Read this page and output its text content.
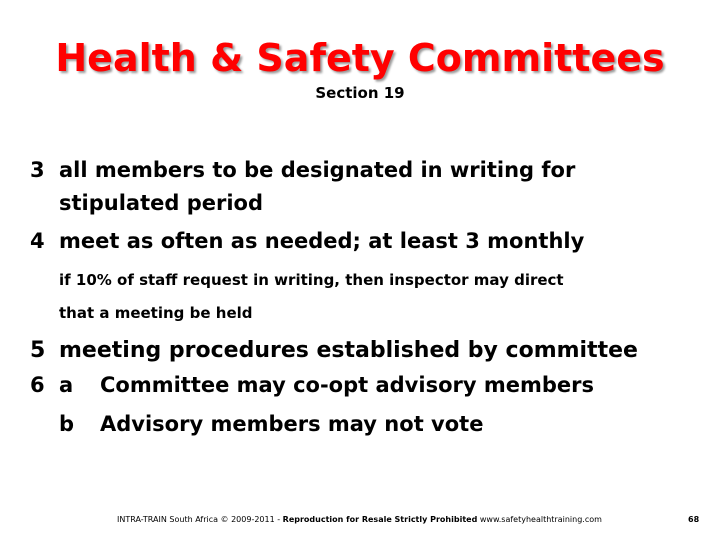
Health & Safety Committees
Section 19
3 all members to be designated in writing for
stipulated period
4 meet as often as needed; at least 3 monthly
if 10% of staff request in writing, then inspector may direct
that a meeting be held
5 meeting procedures established by committee
6 a Committee may co-opt advisory members
b Advisory members may not vote
INTRA-TRAIN South Africa © 2009-2011 - Reproduction for Resale Strictly Prohibited www.safetyhealthtraining.com	68
